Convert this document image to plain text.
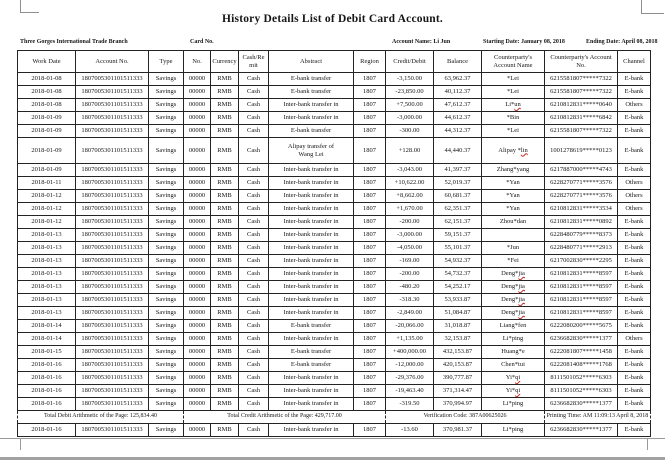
History Details List of Debit Card Account.
Three Gorges International Trade Branch	Card No.	Account Name: Li Jun	Starting Date: January 08, 2018	Ending Date: April 08, 2018
Work Date	Account No.	Type	No.	Currency	Cash/Remit	Abstract	Region	Credit/Debit	Balance	Counterparty's Account Name	Counterparty's Account No.	Channel
2018-01-08	1807005301101511333	Savings	00000	RMB	Cash	E-bank transfer	1807	-3,150.00	63,962.37	*Lei	6215581807*****7322	E-bank
2018-01-08	1807005301101511333	Savings	00000	RMB	Cash	E-bank transfer	1807	-23,850.00	40,112.37	*Lei	6215581807*****7322	E-bank
2018-01-08	1807005301101511333	Savings	00000	RMB	Cash	Inter-bank transfer in	1807	+7,500.00	47,612.37	Li*un	6210812831*****0640	Others
2018-01-09	1807005301101511333	Savings	00000	RMB	Cash	Inter-bank transfer in	1807	-3,000.00	44,612.37	*Bin	6210812831*****6842	E-bank
2018-01-09	1807005301101511333	Savings	00000	RMB	Cash	E-bank transfer	1807	-300.00	44,312.37	*Lei	6215581807*****7322	E-bank
2018-01-09	1807005301101511333	Savings	00000	RMB	Cash	Alipay transfer of Wang Lei	1807	+128.00	44,440.37	Alipay *lin	1001278619*****0123	E-bank
2018-01-09	1807005301101511333	Savings	00000	RMB	Cash	Inter-bank transfer in	1807	-3,043.00	41,397.37	Zhang*yang	6217887000*****4743	E-bank
2018-01-11	1807005301101511333	Savings	00000	RMB	Cash	Inter-bank transfer in	1807	+10,622.00	52,019.37	*Yan	6228270771*****3576	Others
2018-01-12	1807005301101511333	Savings	00000	RMB	Cash	Inter-bank transfer in	1807	+8,662.00	60,681.37	*Yan	6228270771*****3576	Others
2018-01-12	1807005301101511333	Savings	00000	RMB	Cash	Inter-bank transfer in	1807	+1,670.00	62,351.37	*Yan	6210812831*****3534	Others
2018-01-12	1807005301101511333	Savings	00000	RMB	Cash	Inter-bank transfer in	1807	-200.00	62,151.37	Zhou*dan	6210812831*****0892	E-bank
2018-01-13	1807005301101511333	Savings	00000	RMB	Cash	Inter-bank transfer in	1807	-3,000.00	59,151.37		6228480779*****8373	E-bank
2018-01-13	1807005301101511333	Savings	00000	RMB	Cash	Inter-bank transfer in	1807	-4,050.00	55,101.37	*Jun	6228480771*****2913	E-bank
2018-01-13	1807005301101511333	Savings	00000	RMB	Cash	Inter-bank transfer in	1807	-169.00	54,932.37	*Fei	6217002830*****2295	E-bank
2018-01-13	1807005301101511333	Savings	00000	RMB	Cash	Inter-bank transfer in	1807	-200.00	54,732.37	Deng*jia	6210812831*****8597	E-bank
2018-01-13	1807005301101511333	Savings	00000	RMB	Cash	Inter-bank transfer in	1807	-480.20	54,252.17	Deng*jia	6210812831*****8597	E-bank
2018-01-13	1807005301101511333	Savings	00000	RMB	Cash	Inter-bank transfer in	1807	-318.30	53,933.87	Deng*jia	6210812831*****8597	E-bank
2018-01-13	1807005301101511333	Savings	00000	RMB	Cash	Inter-bank transfer in	1807	-2,849.00	51,084.87	Deng*jia	6210812831*****8597	E-bank
2018-01-14	1807005301101511333	Savings	00000	RMB	Cash	E-bank transfer	1807	-20,066.00	31,018.87	Liang*fen	6222080200*****5675	E-bank
2018-01-14	1807005301101511333	Savings	00000	RMB	Cash	Inter-bank transfer in	1807	+1,135.00	32,153.87	Li*ping	6236682830*****1377	Others
2018-01-15	1807005301101511333	Savings	00000	RMB	Cash	E-bank transfer	1807	+400,000.00	432,153.87	Huang*e	6222081807*****1458	E-bank
2018-01-16	1807005301101511333	Savings	00000	RMB	Cash	E-bank transfer	1807	-12,000.00	420,153.87	Chen*tui	6222081408*****1768	E-bank
2018-01-16	1807005301101511333	Savings	00000	RMB	Cash	Inter-bank transfer in	1807	-29,376.00	390,777.87	Yi*qi	8111501052*****6303	E-bank
2018-01-16	1807005301101511333	Savings	00000	RMB	Cash	Inter-bank transfer in	1807	-19,463.40	371,314.47	Yi*qi	8111501052*****6303	E-bank
2018-01-16	1807005301101511333	Savings	00000	RMB	Cash	Inter-bank transfer in	1807	-319.50	370,994.97	Li*ping	6236682830*****1377	E-bank
Total Debit Arithmetic of the Page: 125,834.40			Total Credit Arithmetic of the Page: 429,717.00					Verification Code: 387A00625026			Printing Time: AM 11:09:13 April 8, 2018	
2018-01-16	1807005301101511333	Savings	00000	RMB	Cash	Inter-bank transfer in	1807	-13.60	370,981.37	Li*ping	6236682830*****1377	E-bank
